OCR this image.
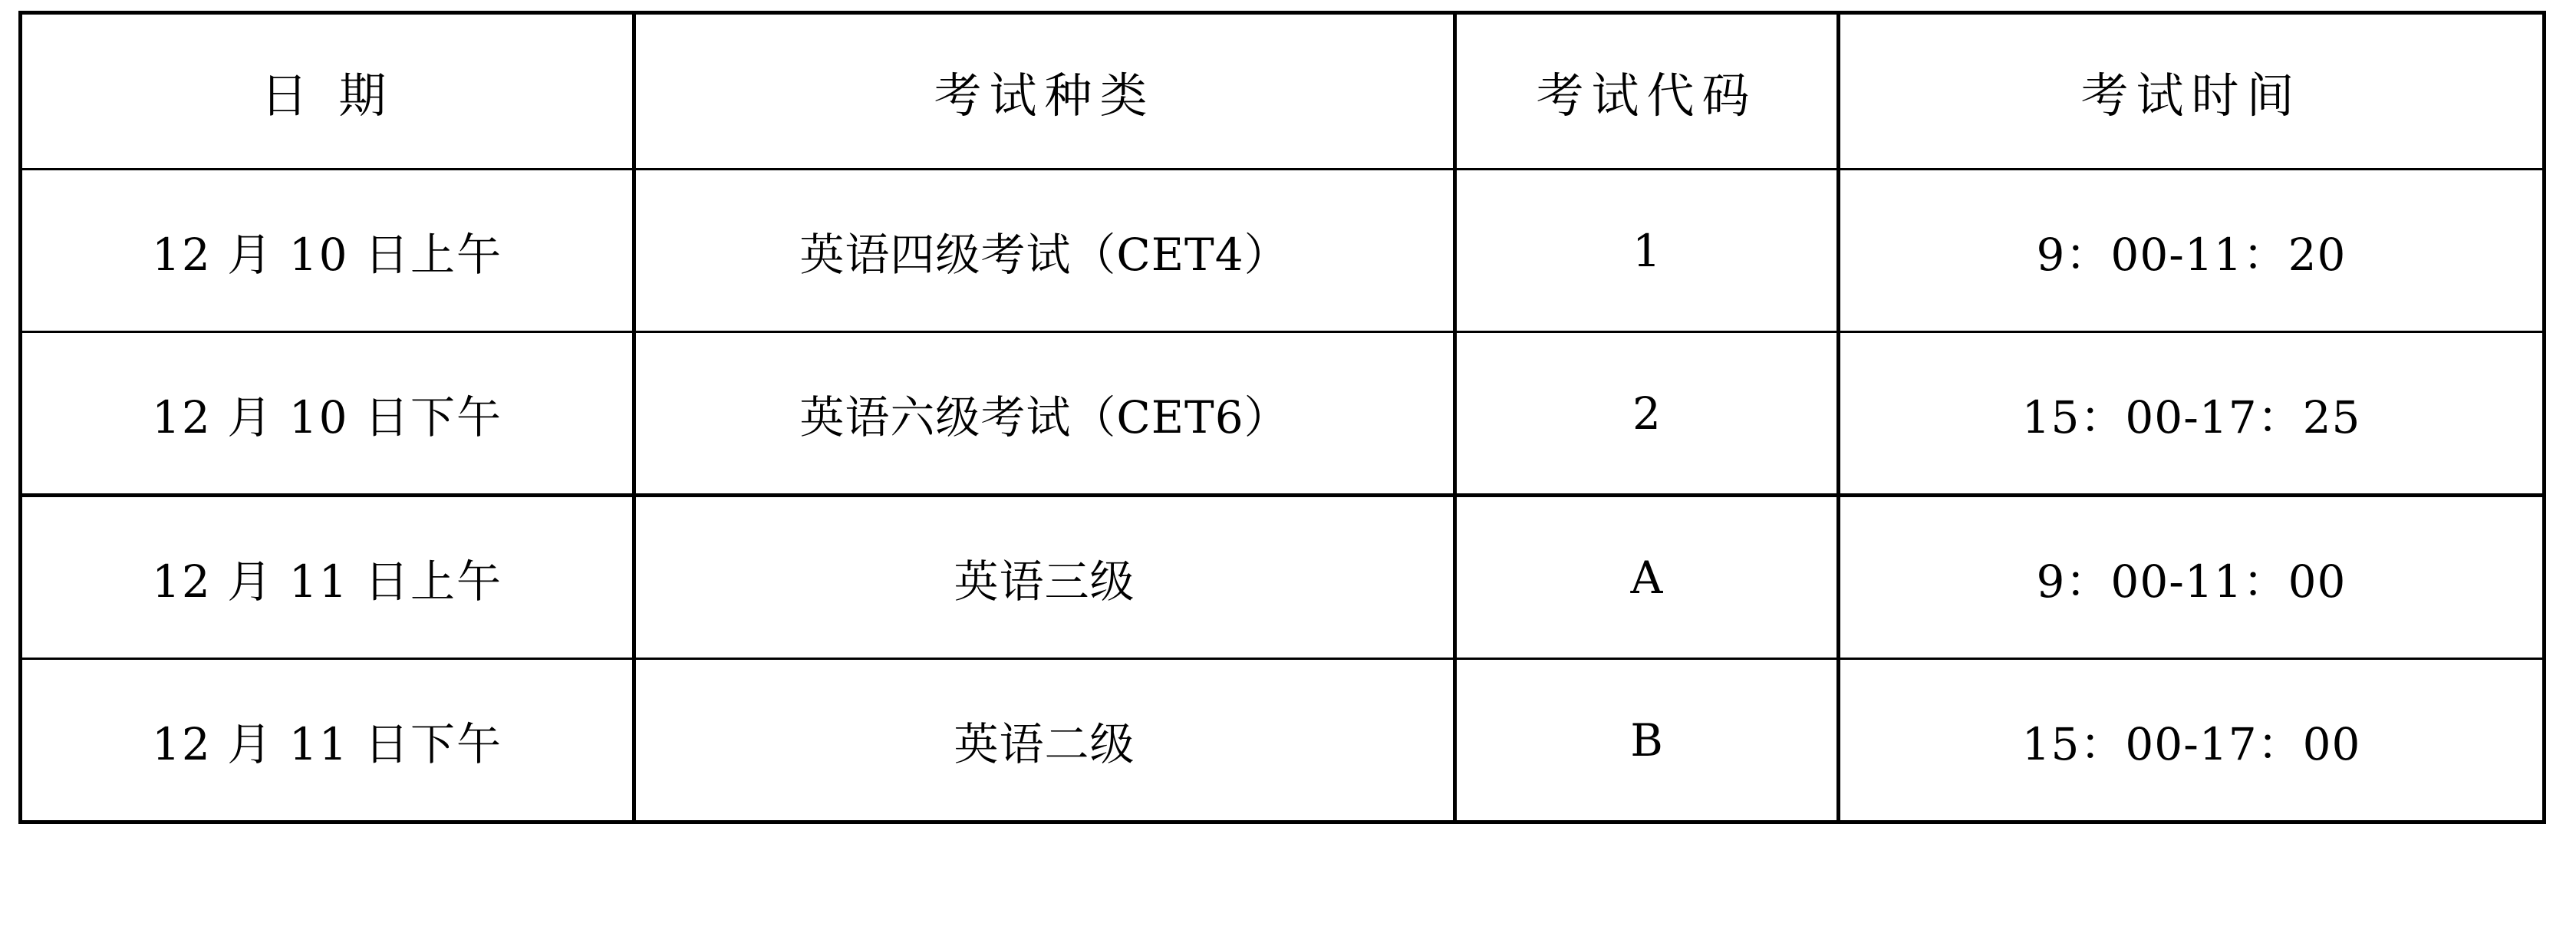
日 期	考试种类	考试代码	考试时间
12 月 10 日上午	英语四级考试（CET4）	1	9：00-11：20
12 月 10 日下午	英语六级考试（CET6）	2	15：00-17：25
12 月 11 日上午	英语三级	A	9：00-11：00
12 月 11 日下午	英语二级	B	15：00-17：00
